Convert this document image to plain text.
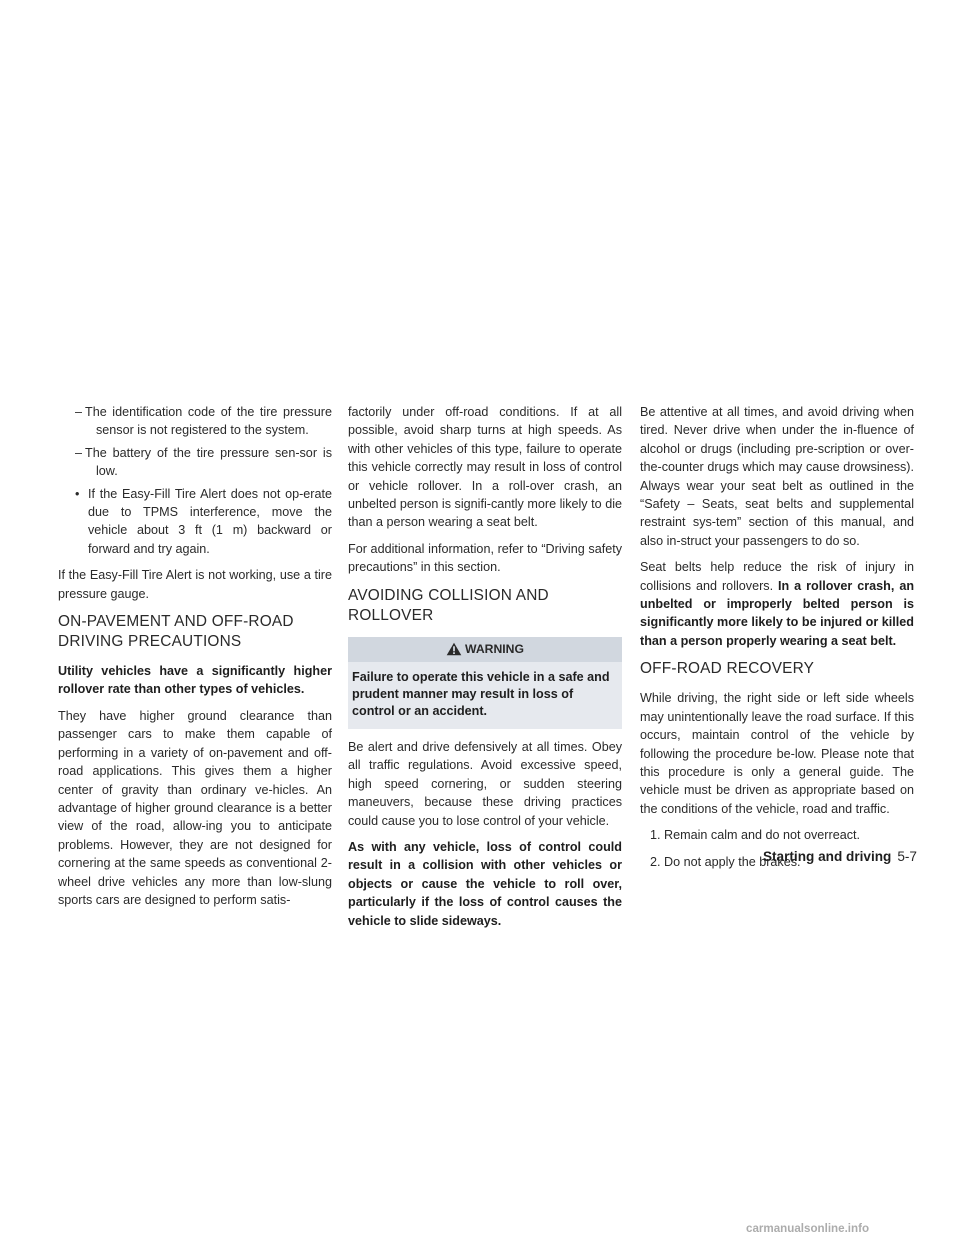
– The identification code of the tire pressure sensor is not registered to the system.
– The battery of the tire pressure sen-sor is low.
• If the Easy-Fill Tire Alert does not op-erate due to TPMS interference, move the vehicle about 3 ft (1 m) backward or forward and try again.

If the Easy-Fill Tire Alert is not working, use a tire pressure gauge.

ON-PAVEMENT AND OFF-ROAD DRIVING PRECAUTIONS

Utility vehicles have a significantly higher rollover rate than other types of vehicles.

They have higher ground clearance than passenger cars to make them capable of performing in a variety of on-pavement and off-road applications. This gives them a higher center of gravity than ordinary ve-hicles. An advantage of higher ground clearance is a better view of the road, allow-ing you to anticipate problems. However, they are not designed for cornering at the same speeds as conventional 2-wheel drive vehicles any more than low-slung sports cars are designed to perform satis-

factorily under off-road conditions. If at all possible, avoid sharp turns at high speeds. As with other vehicles of this type, failure to operate this vehicle correctly may result in loss of control or vehicle rollover. In a roll-over crash, an unbelted person is signifi-cantly more likely to die than a person wearing a seat belt.

For additional information, refer to “Driving safety precautions” in this section.

AVOIDING COLLISION AND ROLLOVER
WARNING
Failure to operate this vehicle in a safe and prudent manner may result in loss of control or an accident.

Be alert and drive defensively at all times. Obey all traffic regulations. Avoid excessive speed, high speed cornering, or sudden steering maneuvers, because these driving practices could cause you to lose control of your vehicle.

As with any vehicle, loss of control could result in a collision with other vehicles or objects or cause the vehicle to roll over, particularly if the loss of control causes the vehicle to slide sideways.

Be attentive at all times, and avoid driving when tired. Never drive when under the in-fluence of alcohol or drugs (including pre-scription or over-the-counter drugs which may cause drowsiness). Always wear your seat belt as outlined in the “Safety – Seats, seat belts and supplemental restraint sys-tem” section of this manual, and also in-struct your passengers to do so.

Seat belts help reduce the risk of injury in collisions and rollovers. In a rollover crash, an unbelted or improperly belted person is significantly more likely to be injured or killed than a person properly wearing a seat belt.

OFF-ROAD RECOVERY

While driving, the right side or left side wheels may unintentionally leave the road surface. If this occurs, maintain control of the vehicle by following the procedure be-low. Please note that this procedure is only a general guide. The vehicle must be driven as appropriate based on the conditions of the vehicle, road and traffic.

1. Remain calm and do not overreact.
2. Do not apply the brakes.
Starting and driving 5-7
carmanualsonline.info
